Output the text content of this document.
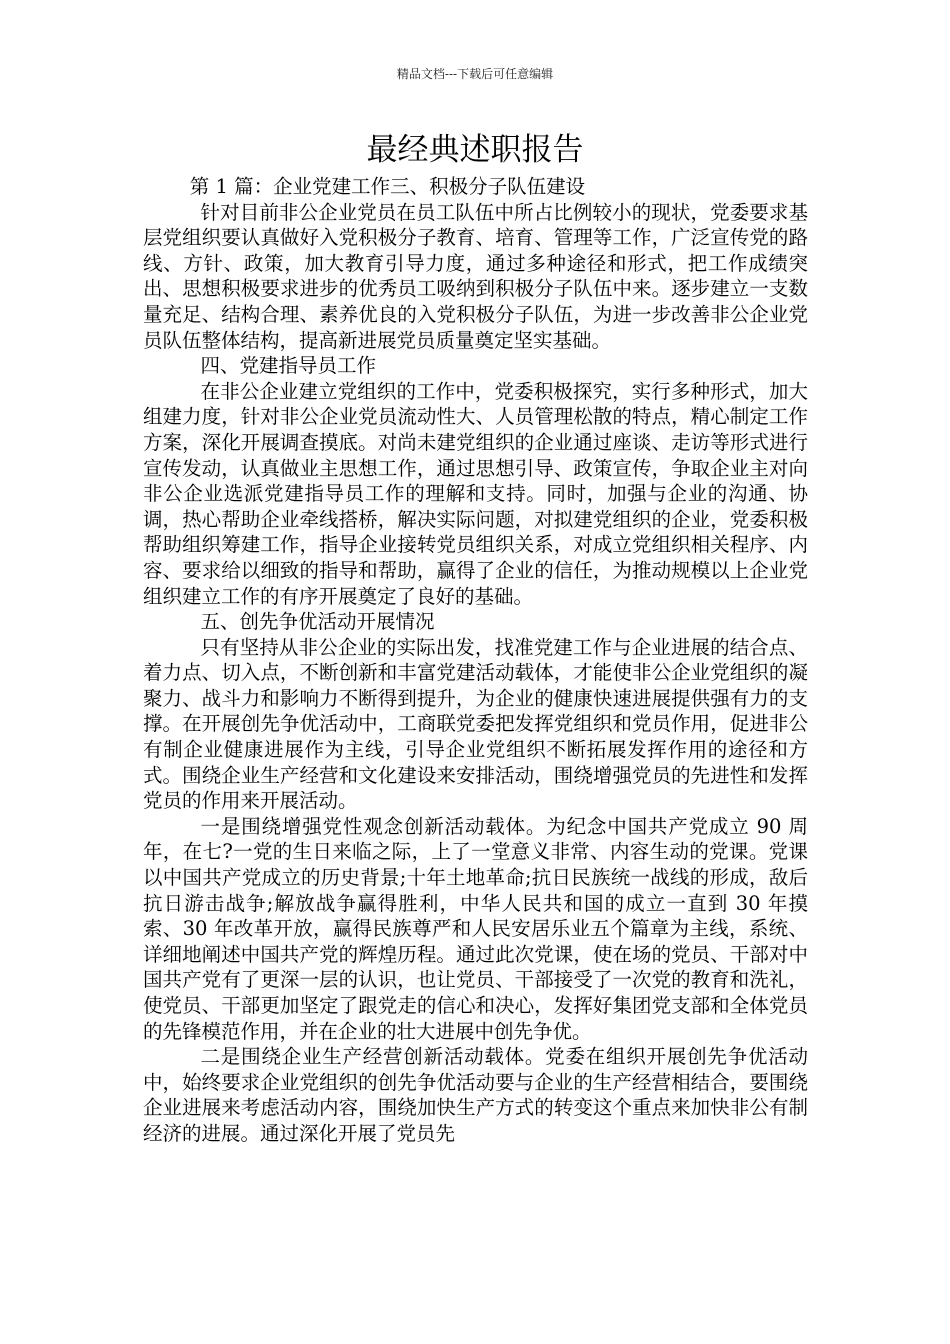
精品文档---下载后可任意编辑
最经典述职报告

第 1 篇：企业党建工作三、积极分子队伍建设

针对目前非公企业党员在员工队伍中所占比例较小的现状，党委要求基层党组织要认真做好入党积极分子教育、培育、管理等工作，广泛宣传党的路线、方针、政策，加大教育引导力度，通过多种途径和形式，把工作成绩突出、思想积极要求进步的优秀员工吸纳到积极分子队伍中来。逐步建立一支数量充足、结构合理、素养优良的入党积极分子队伍，为进一步改善非公企业党员队伍整体结构，提高新进展党员质量奠定坚实基础。

四、党建指导员工作

在非公企业建立党组织的工作中，党委积极探究，实行多种形式，加大组建力度，针对非公企业党员流动性大、人员管理松散的特点，精心制定工作方案，深化开展调查摸底。对尚未建党组织的企业通过座谈、走访等形式进行宣传发动，认真做业主思想工作，通过思想引导、政策宣传，争取企业主对向非公企业选派党建指导员工作的理解和支持。同时，加强与企业的沟通、协调，热心帮助企业牵线搭桥，解决实际问题，对拟建党组织的企业，党委积极帮助组织筹建工作，指导企业接转党员组织关系，对成立党组织相关程序、内容、要求给以细致的指导和帮助，赢得了企业的信任，为推动规模以上企业党组织建立工作的有序开展奠定了良好的基础。

五、创先争优活动开展情况

只有坚持从非公企业的实际出发，找准党建工作与企业进展的结合点、着力点、切入点，不断创新和丰富党建活动载体，才能使非公企业党组织的凝聚力、战斗力和影响力不断得到提升，为企业的健康快速进展提供强有力的支撑。在开展创先争优活动中，工商联党委把发挥党组织和党员作用，促进非公有制企业健康进展作为主线，引导企业党组织不断拓展发挥作用的途径和方式。围绕企业生产经营和文化建设来安排活动，围绕增强党员的先进性和发挥党员的作用来开展活动。

一是围绕增强党性观念创新活动载体。为纪念中国共产党成立 90 周年，在七?一党的生日来临之际，上了一堂意义非常、内容生动的党课。党课以中国共产党成立的历史背景;十年土地革命;抗日民族统一战线的形成，敌后抗日游击战争;解放战争赢得胜利，中华人民共和国的成立一直到 30 年摸索、30 年改革开放，赢得民族尊严和人民安居乐业五个篇章为主线，系统、详细地阐述中国共产党的辉煌历程。通过此次党课，使在场的党员、干部对中国共产党有了更深一层的认识，也让党员、干部接受了一次党的教育和洗礼，使党员、干部更加坚定了跟党走的信心和决心，发挥好集团党支部和全体党员的先锋模范作用，并在企业的壮大进展中创先争优。

二是围绕企业生产经营创新活动载体。党委在组织开展创先争优活动中，始终要求企业党组织的创先争优活动要与企业的生产经营相结合，要围绕企业进展来考虑活动内容，围绕加快生产方式的转变这个重点来加快非公有制经济的进展。通过深化开展了党员先
